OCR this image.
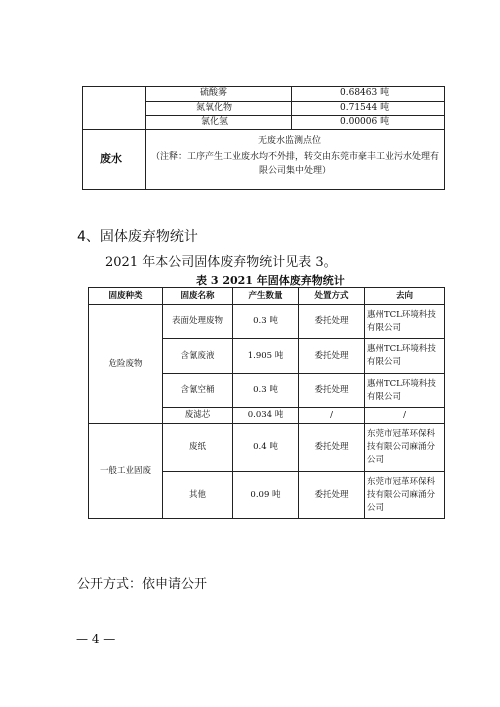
硫酸雾	0.68463 吨
氮氧化物	0.71544 吨
氯化氢	0.00006 吨
废水
无废水监测点位
（注释：工序产生工业废水均不外排，转交由东莞市豪丰工业污水处理有限公司集中处理）
4、固体废弃物统计
2021 年本公司固体废弃物统计见表 3。
表 3 2021 年固体废弃物统计
固废种类	固废名称	产生数量	处置方式	去向
危险废物	表面处理废物	0.3 吨	委托处理	惠州TCL环境科技有限公司
	含氰废液	1.905 吨	委托处理	惠州TCL环境科技有限公司
	含氰空桶	0.3 吨	委托处理	惠州TCL环境科技有限公司
	废滤芯	0.034 吨	/	/
一般工业固废	废纸	0.4 吨	委托处理	东莞市冠革环保科技有限公司麻涌分公司
	其他	0.09 吨	委托处理	东莞市冠革环保科技有限公司麻涌分公司
公开方式：依申请公开
— 4 —
